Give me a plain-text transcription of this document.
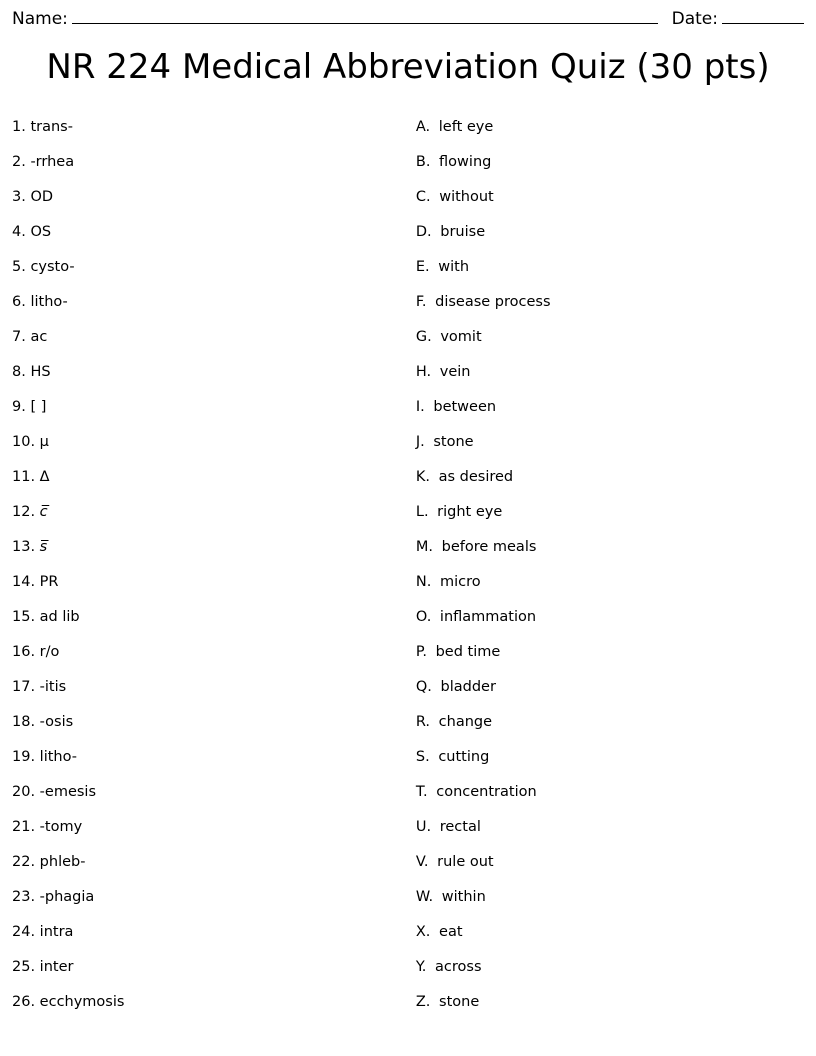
Name:	Date:
NR 224 Medical Abbreviation Quiz (30 pts)
1. trans-
2. -rrhea
3. OD
4. OS
5. cysto-
6. litho-
7. ac
8. HS
9. [ ]
10. µ
11. Δ
12. c̅
13. s̅
14. PR
15. ad lib
16. r/o
17. -itis
18. -osis
19. litho-
20. -emesis
21. -tomy
22. phleb-
23. -phagia
24. intra
25. inter
26. ecchymosis
A. left eye
B. flowing
C. without
D. bruise
E. with
F. disease process
G. vomit
H. vein
I. between
J. stone
K. as desired
L. right eye
M. before meals
N. micro
O. inflammation
P. bed time
Q. bladder
R. change
S. cutting
T. concentration
U. rectal
V. rule out
W. within
X. eat
Y. across
Z. stone
